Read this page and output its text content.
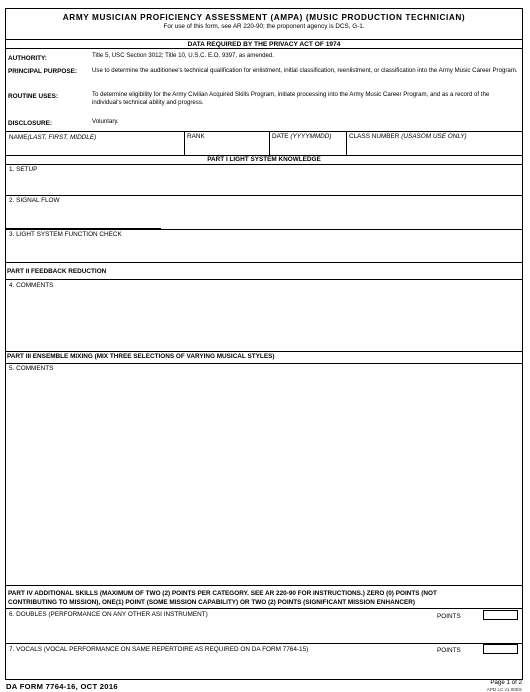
ARMY MUSICIAN PROFICIENCY ASSESSMENT (AMPA) (MUSIC PRODUCTION TECHNICIAN)
For use of this form, see AR 220-90; the proponent agency is DCS, G-1.
DATA REQUIRED BY THE PRIVACY ACT OF 1974
AUTHORITY:	Title 5, USC Section 3012; Title 10, U.S.C. E.O. 9397, as amended.
PRINCIPAL PURPOSE: Use to determine the auditionee's technical qualification for enlistment, initial classification, reenlistment, or classification into the Army Music Career Program.
ROUTINE USES:	To determine eligibility for the Army Civilian Acquired Skills Program, initiate processing into the Army Music Career Program, and as a record of the individual's technical ability and progress.
DISCLOSURE:	Voluntary.
NAME(LAST, FIRST, MIDDLE)	RANK	DATE (YYYYMMDD)	CLASS NUMBER (USASOM USE ONLY)
PART I LIGHT SYSTEM KNOWLEDGE
1. SETUP
2. SIGNAL FLOW
3. LIGHT SYSTEM FUNCTION CHECK
PART II FEEDBACK REDUCTION
4. COMMENTS
PART III ENSEMBLE MIXING (MIX THREE SELECTIONS OF VARYING MUSICAL STYLES)
5. COMMENTS
PART IV ADDITIONAL SKILLS (MAXIMUM OF TWO (2) POINTS PER CATEGORY. SEE AR 220-90 FOR INSTRUCTIONS.) ZERO (0) POINTS (NOT
CONTRIBUTING TO MISSION), ONE(1) POINT (SOME MISSION CAPABILITY) OR TWO (2) POINTS (SIGNIFICANT MISSION ENHANCER)
6. DOUBLES (PERFORMANCE ON ANY OTHER ASI INSTRUMENT)	POINTS
7. VOCALS (VOCAL PERFORMANCE ON SAME REPERTOIRE AS REQUIRED ON DA FORM 7764-15)	POINTS
DA FORM 7764-16, OCT 2016	Page 1 of 2
APD LC v1.00ES
